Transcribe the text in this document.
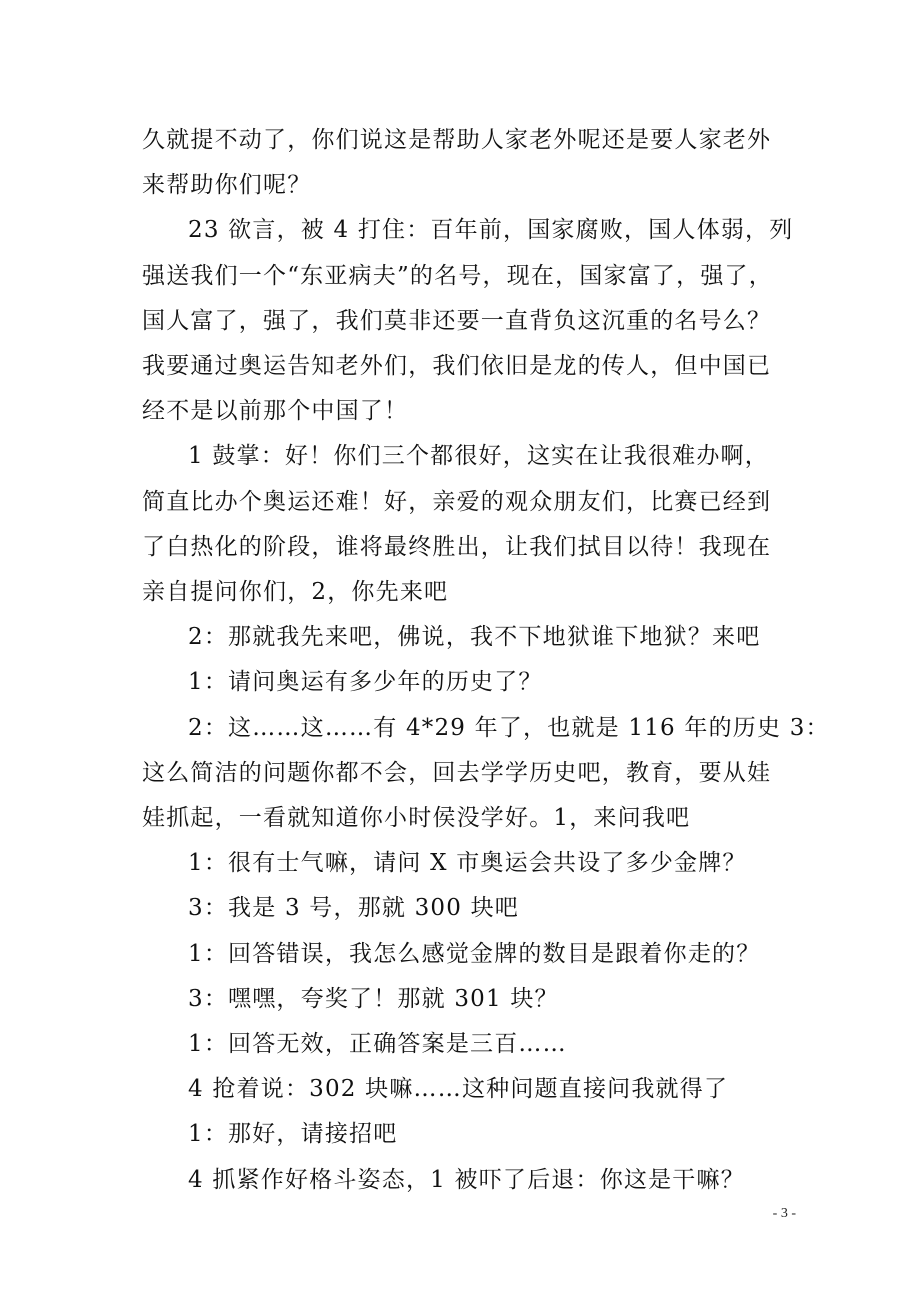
久就提不动了，你们说这是帮助人家老外呢还是要人家老外

来帮助你们呢？

23 欲言，被 4 打住：百年前，国家腐败，国人体弱，列

强送我们一个“东亚病夫”的名号，现在，国家富了，强了，

国人富了，强了，我们莫非还要一直背负这沉重的名号么？

我要通过奥运告知老外们，我们依旧是龙的传人，但中国已

经不是以前那个中国了！

1 鼓掌：好！你们三个都很好，这实在让我很难办啊，

简直比办个奥运还难！好，亲爱的观众朋友们，比赛已经到

了白热化的阶段，谁将最终胜出，让我们拭目以待！我现在

亲自提问你们，2，你先来吧

2：那就我先来吧，佛说，我不下地狱谁下地狱？来吧

1：请问奥运有多少年的历史了？

2：这……这……有 4*29 年了，也就是 116 年的历史 3：

这么简洁的问题你都不会，回去学学历史吧，教育，要从娃

娃抓起，一看就知道你小时侯没学好。1，来问我吧

1：很有士气嘛，请问 X 市奥运会共设了多少金牌？

3：我是 3 号，那就 300 块吧

1：回答错误，我怎么感觉金牌的数目是跟着你走的？

3：嘿嘿，夸奖了！那就 301 块？

1：回答无效，正确答案是三百……

4 抢着说：302 块嘛……这种问题直接问我就得了

1：那好，请接招吧

4 抓紧作好格斗姿态，1 被吓了后退：你这是干嘛？

- 3 -
